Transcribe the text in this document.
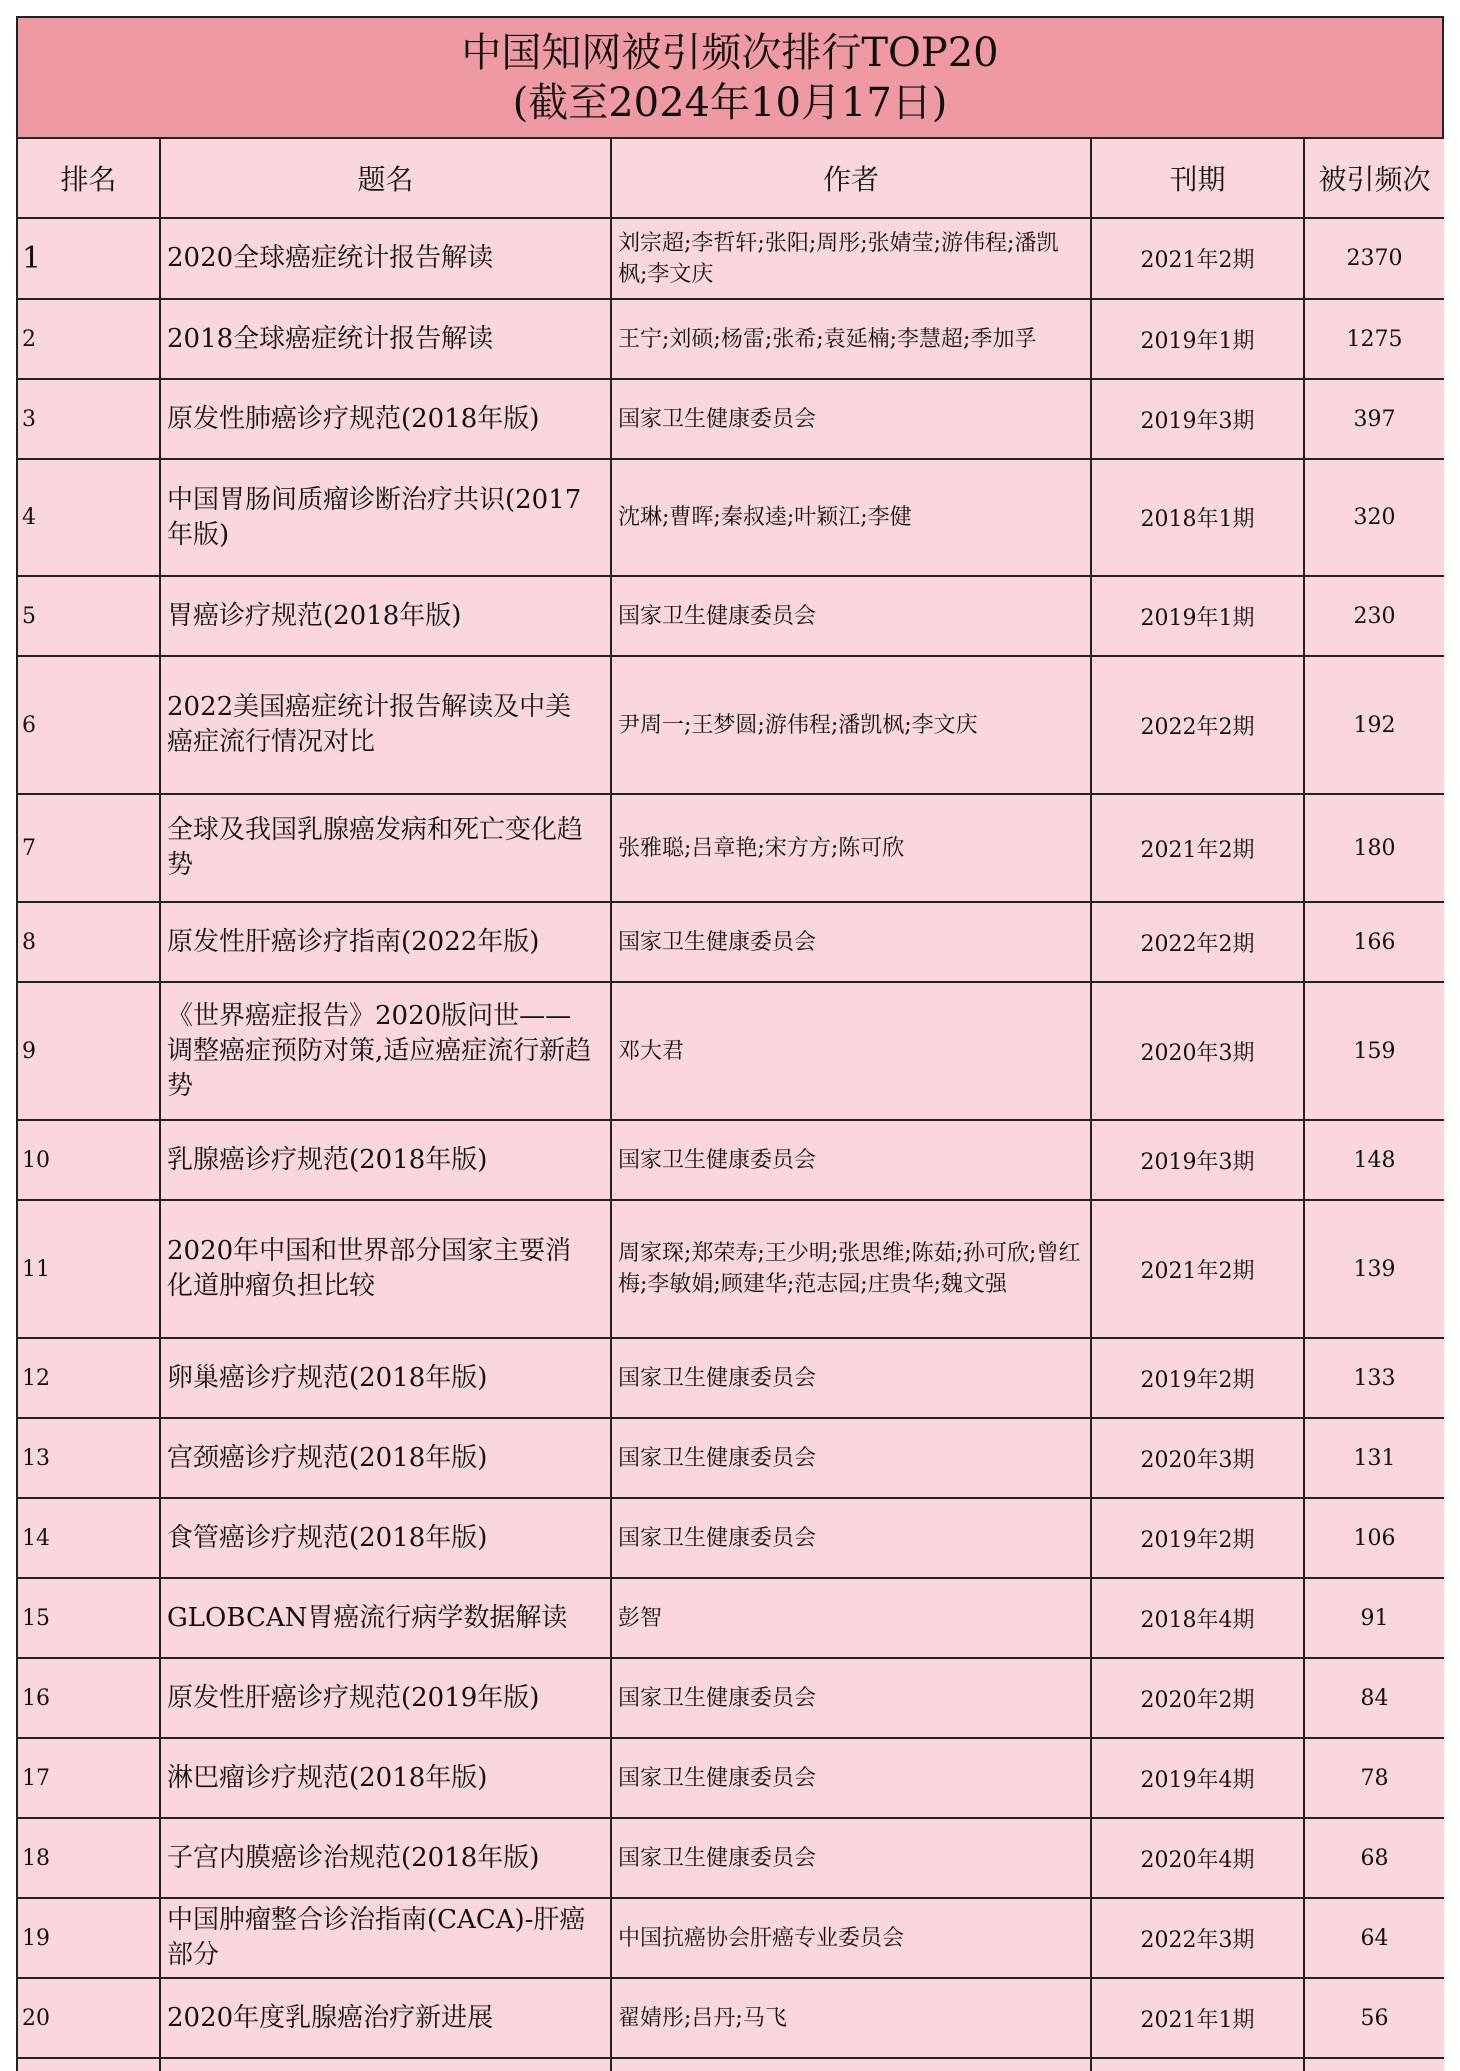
中国知网被引频次排行TOP20
(截至2024年10月17日)
排名	题名	作者	刊期	被引频次
1	2020全球癌症统计报告解读	刘宗超;李哲轩;张阳;周彤;张婧莹;游伟程;潘凯枫;李文庆	2021年2期	2370
2	2018全球癌症统计报告解读	王宁;刘硕;杨雷;张希;袁延楠;李慧超;季加孚	2019年1期	1275
3	原发性肺癌诊疗规范(2018年版)	国家卫生健康委员会	2019年3期	397
4	中国胃肠间质瘤诊断治疗共识(2017年版)	沈琳;曹晖;秦叔逵;叶颖江;李健	2018年1期	320
5	胃癌诊疗规范(2018年版)	国家卫生健康委员会	2019年1期	230
6	2022美国癌症统计报告解读及中美癌症流行情况对比	尹周一;王梦圆;游伟程;潘凯枫;李文庆	2022年2期	192
7	全球及我国乳腺癌发病和死亡变化趋势	张雅聪;吕章艳;宋方方;陈可欣	2021年2期	180
8	原发性肝癌诊疗指南(2022年版)	国家卫生健康委员会	2022年2期	166
9	《世界癌症报告》2020版问世——调整癌症预防对策,适应癌症流行新趋势	邓大君	2020年3期	159
10	乳腺癌诊疗规范(2018年版)	国家卫生健康委员会	2019年3期	148
11	2020年中国和世界部分国家主要消化道肿瘤负担比较	周家琛;郑荣寿;王少明;张思维;陈茹;孙可欣;曾红梅;李敏娟;顾建华;范志园;庄贵华;魏文强	2021年2期	139
12	卵巢癌诊疗规范(2018年版)	国家卫生健康委员会	2019年2期	133
13	宫颈癌诊疗规范(2018年版)	国家卫生健康委员会	2020年3期	131
14	食管癌诊疗规范(2018年版)	国家卫生健康委员会	2019年2期	106
15	GLOBCAN胃癌流行病学数据解读	彭智	2018年4期	91
16	原发性肝癌诊疗规范(2019年版)	国家卫生健康委员会	2020年2期	84
17	淋巴瘤诊疗规范(2018年版)	国家卫生健康委员会	2019年4期	78
18	子宫内膜癌诊治规范(2018年版)	国家卫生健康委员会	2020年4期	68
19	中国肿瘤整合诊治指南(CACA)-肝癌部分	中国抗癌协会肝癌专业委员会	2022年3期	64
20	2020年度乳腺癌治疗新进展	翟婧彤;吕丹;马飞	2021年1期	56
